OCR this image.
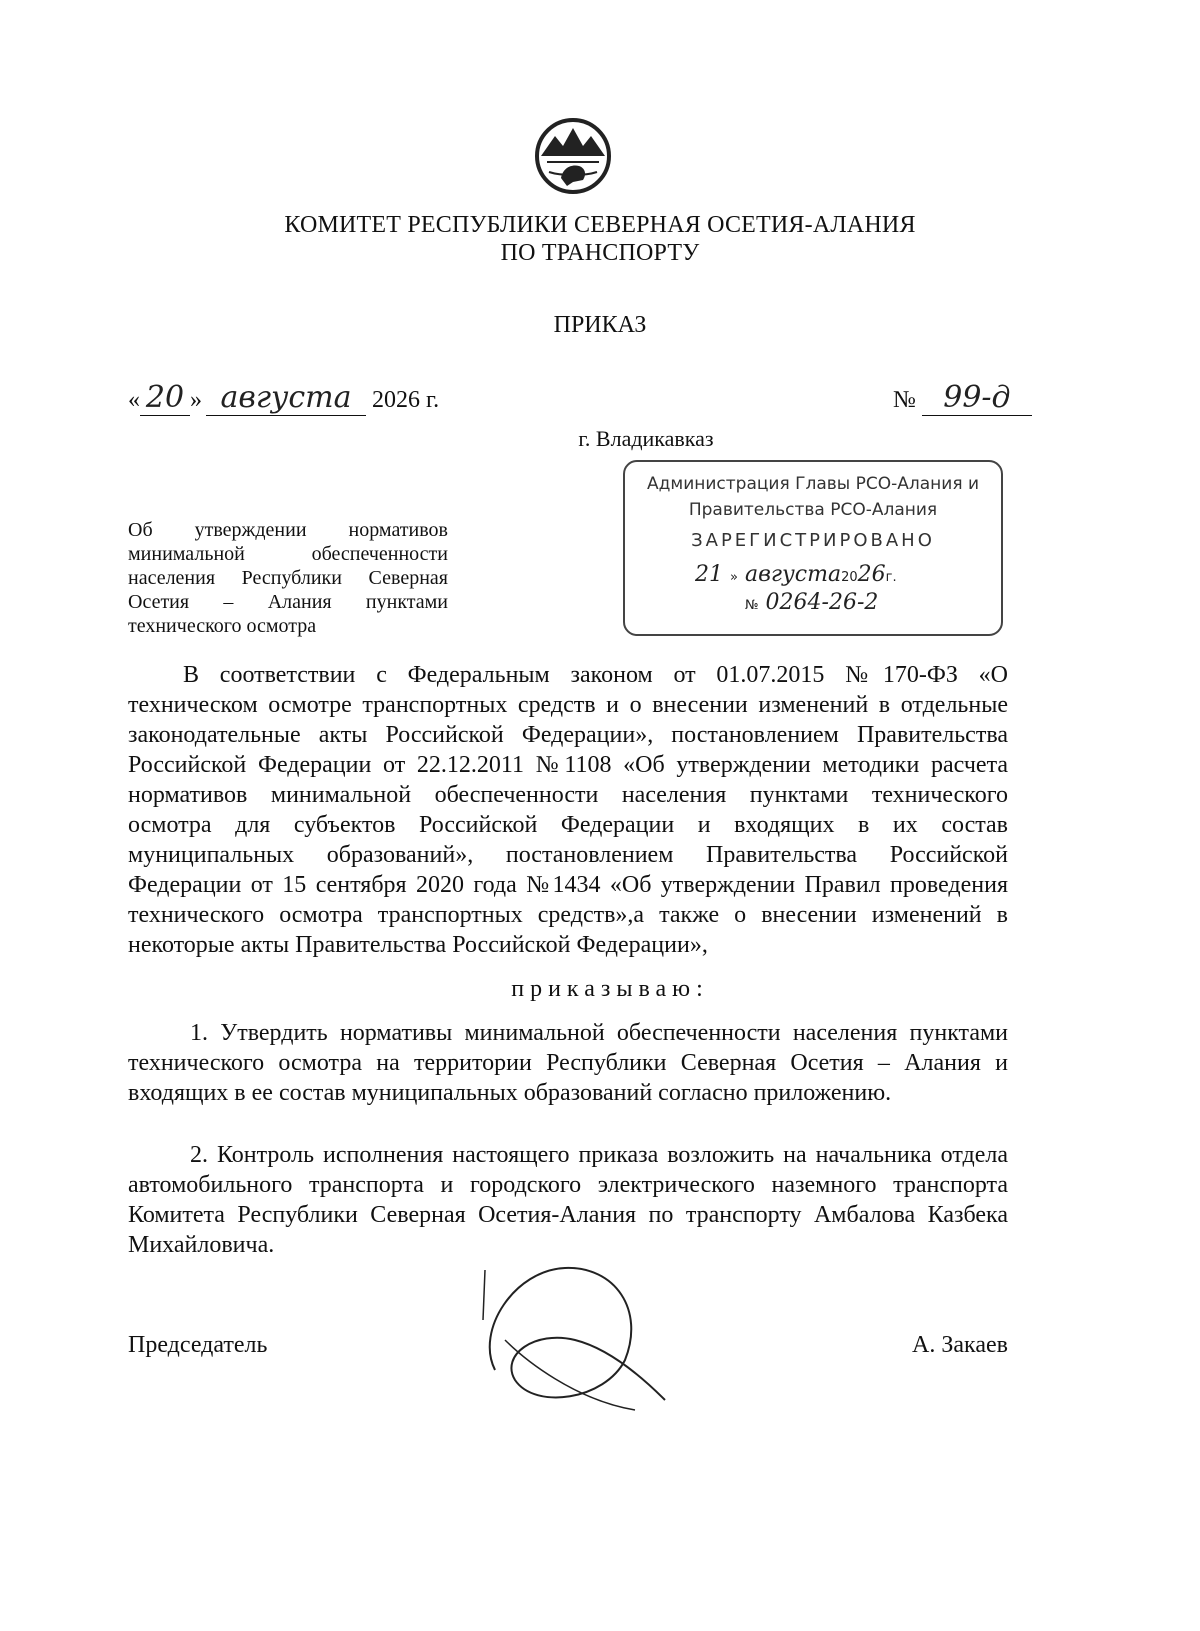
КОМИТЕТ РЕСПУБЛИКИ СЕВЕРНАЯ ОСЕТИЯ-АЛАНИЯ
ПО ТРАНСПОРТУ
ПРИКАЗ
« 20 » августа 2026 г.	№ 99-д
г. Владикавказ
Об утверждении нормативов минимальной обеспеченности населения Республики Северная Осетия – Алания пунктами технического осмотра
Администрация Главы РСО-Алания и
Правительства РСО-Алания
ЗАРЕГИСТРИРОВАНО
21 » августа2026г.
№ 0264-26-2

В соответствии с Федеральным законом от 01.07.2015 №170-ФЗ «О техническом осмотре транспортных средств и о внесении изменений в отдельные законодательные акты Российской Федерации», постановлением Правительства Российской Федерации от 22.12.2011 №1108 «Об утверждении методики расчета нормативов минимальной обеспеченности населения пунктами технического осмотра для субъектов Российской Федерации и входящих в их состав муниципальных образований», постановлением Правительства Российской Федерации от 15 сентября 2020 года №1434 «Об утверждении Правил проведения технического осмотра транспортных средств»,а также о внесении изменений в некоторые акты Правительства Российской Федерации»,

приказываю:

1. Утвердить нормативы минимальной обеспеченности населения пунктами технического осмотра на территории Республики Северная Осетия – Алания и входящих в ее состав муниципальных образований согласно приложению.

2. Контроль исполнения настоящего приказа возложить на начальника отдела автомобильного транспорта и городского электрического наземного транспорта Комитета Республики Северная Осетия-Алания по транспорту Амбалова Казбека Михайловича.

Председатель	А. Закаев
